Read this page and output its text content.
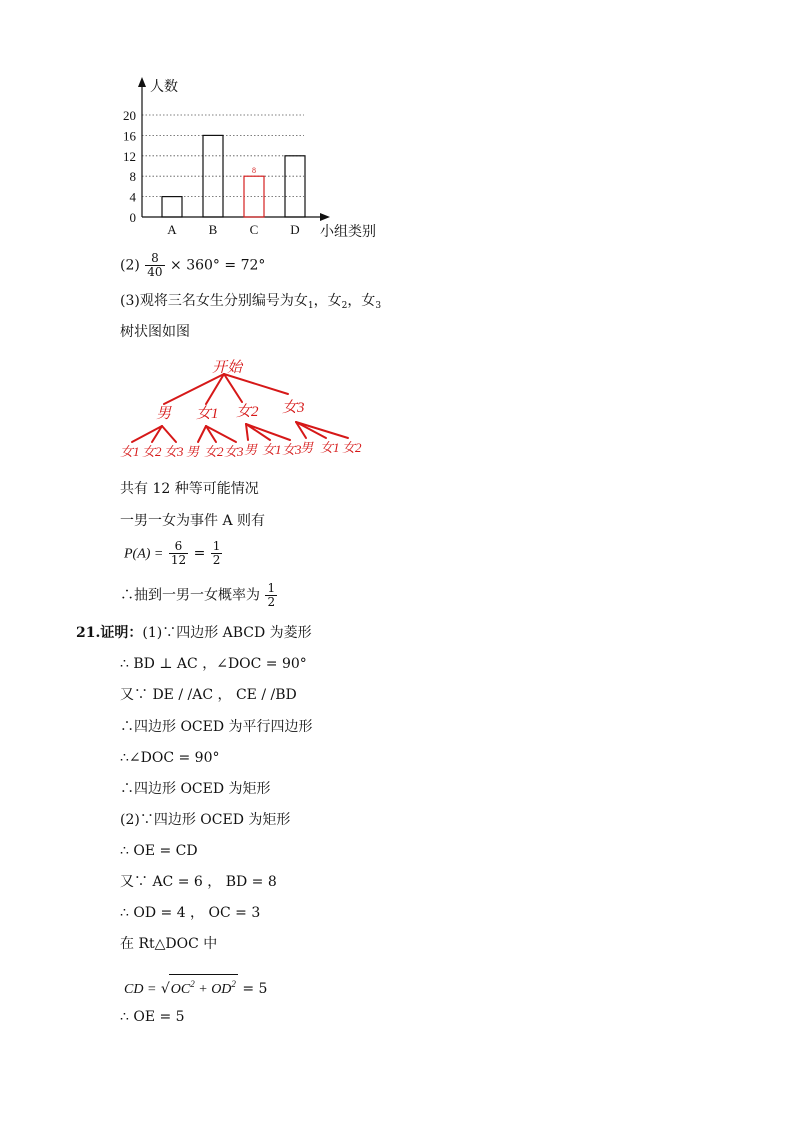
0
4
8
12
16
20
人数
小组类别
A B C
8
D
$(2) \frac{8}{40} \times 360^\circ = 72^\circ$
(3)观将三名女生分别编号为女$_1$，女$_2$，女$_3$
树状图如图
开始
男 女1 女2 女3
女1 女2 女3 男 女2 女3 男 女1 女3
男 女1 女2
共有 12 种等可能情况
一男一女为事件 A 则有
$P(A) = \frac{6}{12} = \frac{1}{2}$
∴抽到一男一女概率为 $\frac{1}{2}$
21.证明：(1)∵四边形 ABCD 为菱形
∴ BD ⊥ AC ，∠DOC = 90°
又∵ DE / /AC ， CE / /BD
∴四边形 OCED 为平行四边形
∴∠DOC = 90°
∴四边形 OCED 为矩形
(2)∵四边形 OCED 为矩形
∴ OE = CD
又∵ AC = 6 ， BD = 8
∴ OD = 4 ， OC = 3
在 Rt△DOC 中
CD = $√OC^2 + OD^2 = 5$
∴ OE = 5
